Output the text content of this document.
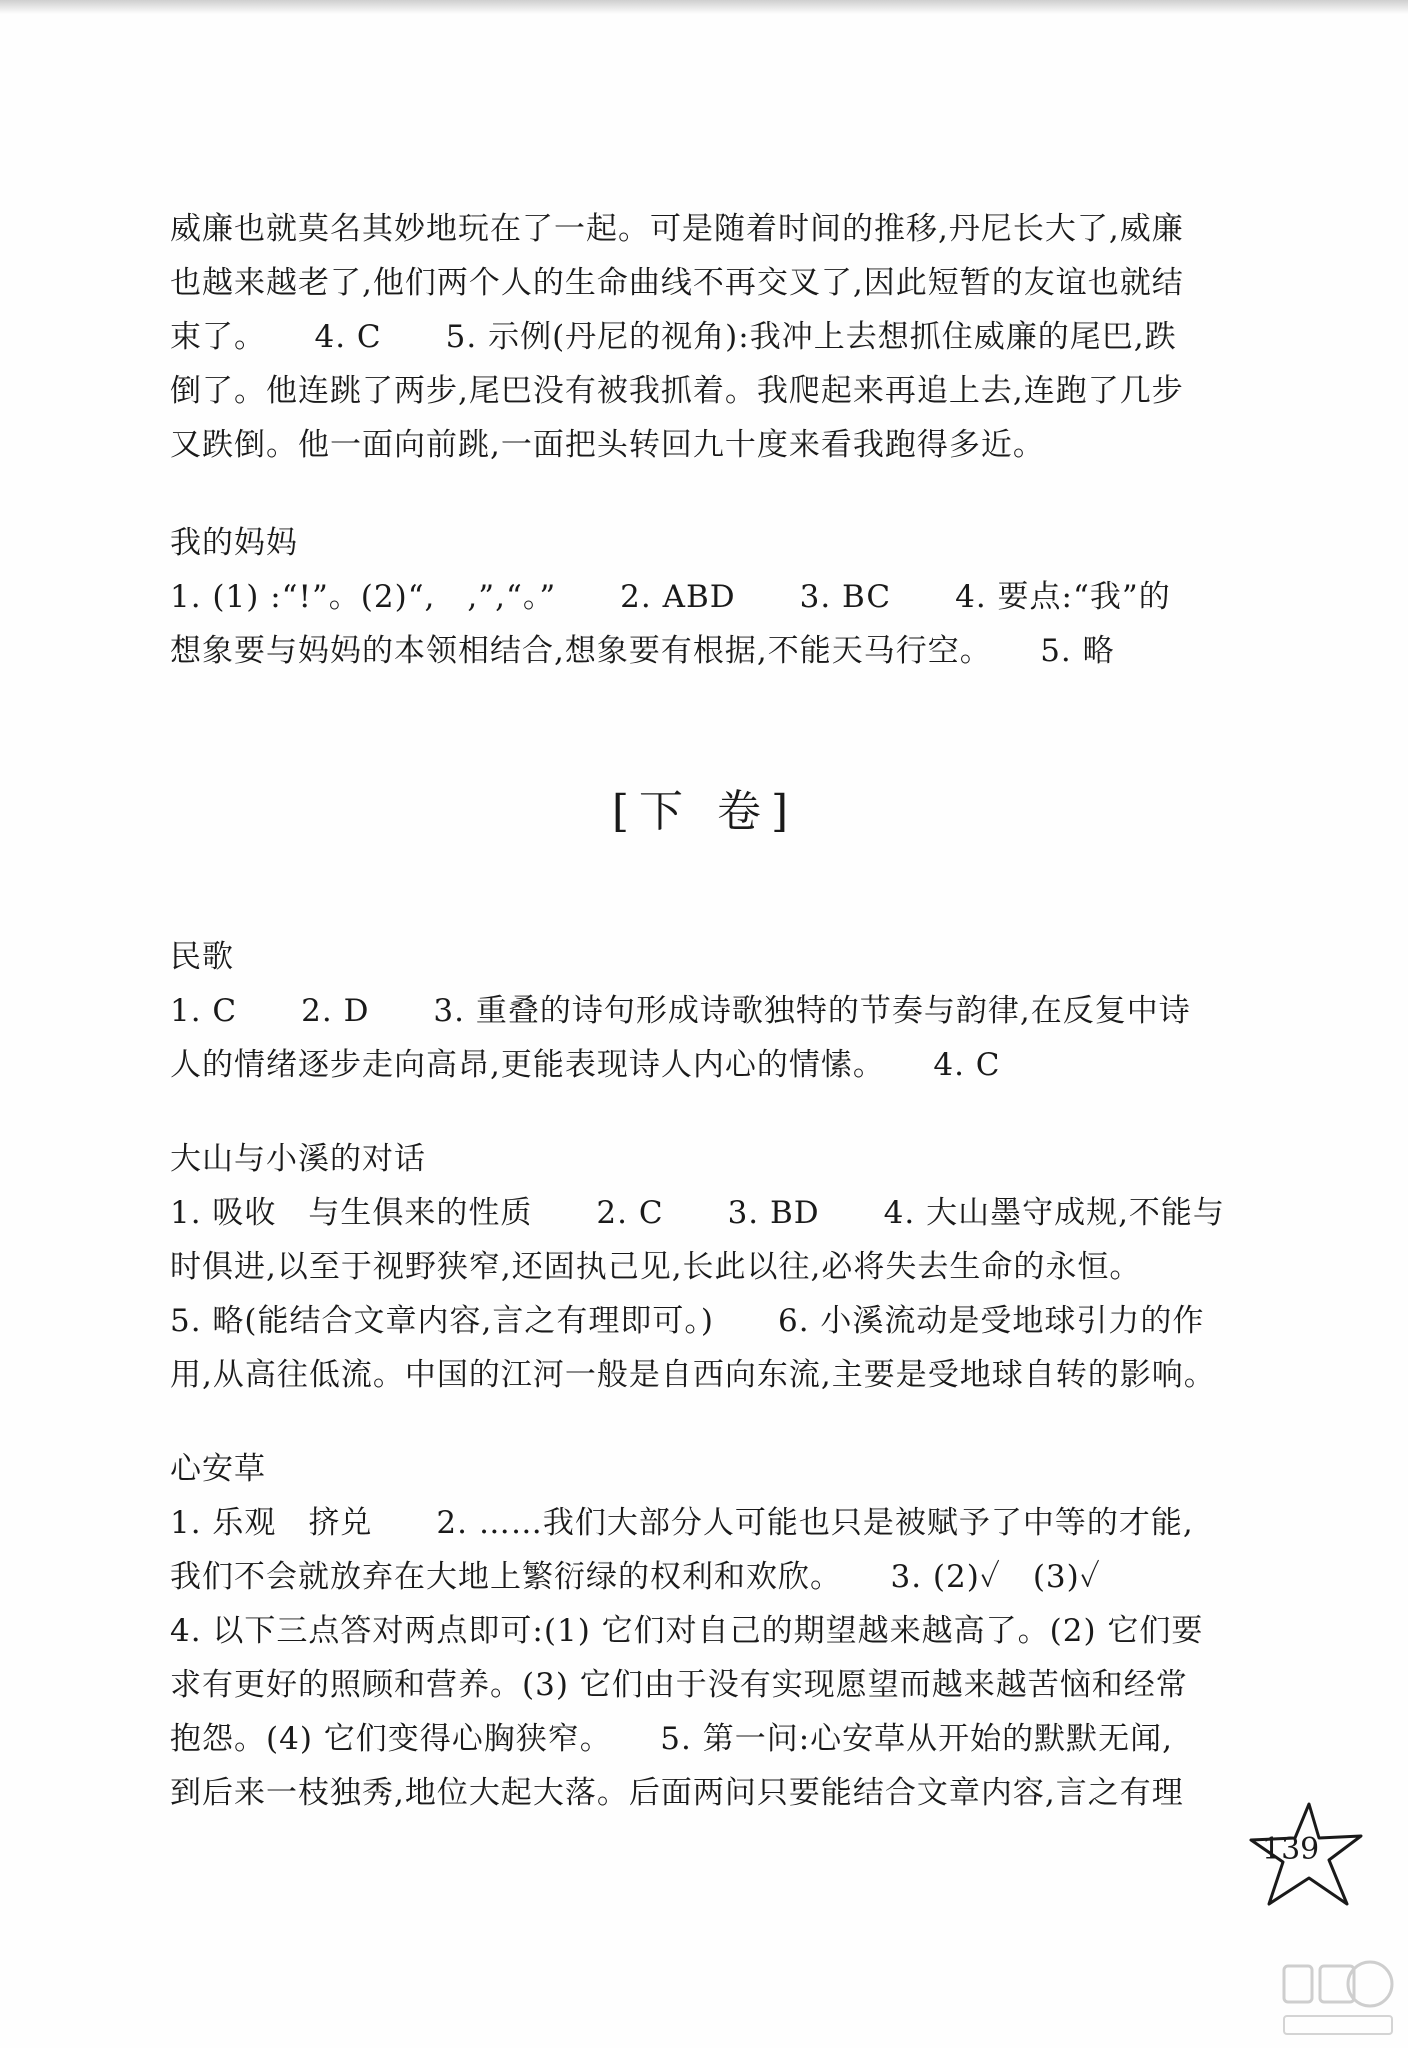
威廉也就莫名其妙地玩在了一起。可是随着时间的推移,丹尼长大了,威廉

也越来越老了,他们两个人的生命曲线不再交叉了,因此短暂的友谊也就结

束了。　　4. C　　5. 示例(丹尼的视角):我冲上去想抓住威廉的尾巴,跌

倒了。他连跳了两步,尾巴没有被我抓着。我爬起来再追上去,连跑了几步

又跌倒。他一面向前跳,一面把头转回九十度来看我跑得多近。

我的妈妈

1. (1) :“!”。(2)“,　,”,“。”　　2. ABD　　3. BC　　4. 要点:“我”的

想象要与妈妈的本领相结合,想象要有根据,不能天马行空。　　5. 略

[下 卷]

民歌

1. C　　2. D　　3. 重叠的诗句形成诗歌独特的节奏与韵律,在反复中诗

人的情绪逐步走向高昂,更能表现诗人内心的情愫。　　4. C

大山与小溪的对话

1. 吸收　与生俱来的性质　　2. C　　3. BD　　4. 大山墨守成规,不能与

时俱进,以至于视野狭窄,还固执己见,长此以往,必将失去生命的永恒。

5. 略(能结合文章内容,言之有理即可。)　　6. 小溪流动是受地球引力的作

用,从高往低流。中国的江河一般是自西向东流,主要是受地球自转的影响。

心安草

1. 乐观　挤兑　　2. ……我们大部分人可能也只是被赋予了中等的才能,

我们不会就放弃在大地上繁衍绿的权利和欢欣。　　3. (2)✓　(3)✓

4. 以下三点答对两点即可:(1) 它们对自己的期望越来越高了。(2) 它们要

求有更好的照顾和营养。(3) 它们由于没有实现愿望而越来越苦恼和经常

抱怨。(4) 它们变得心胸狭窄。　　5. 第一问:心安草从开始的默默无闻,

到后来一枝独秀,地位大起大落。后面两问只要能结合文章内容,言之有理

139
